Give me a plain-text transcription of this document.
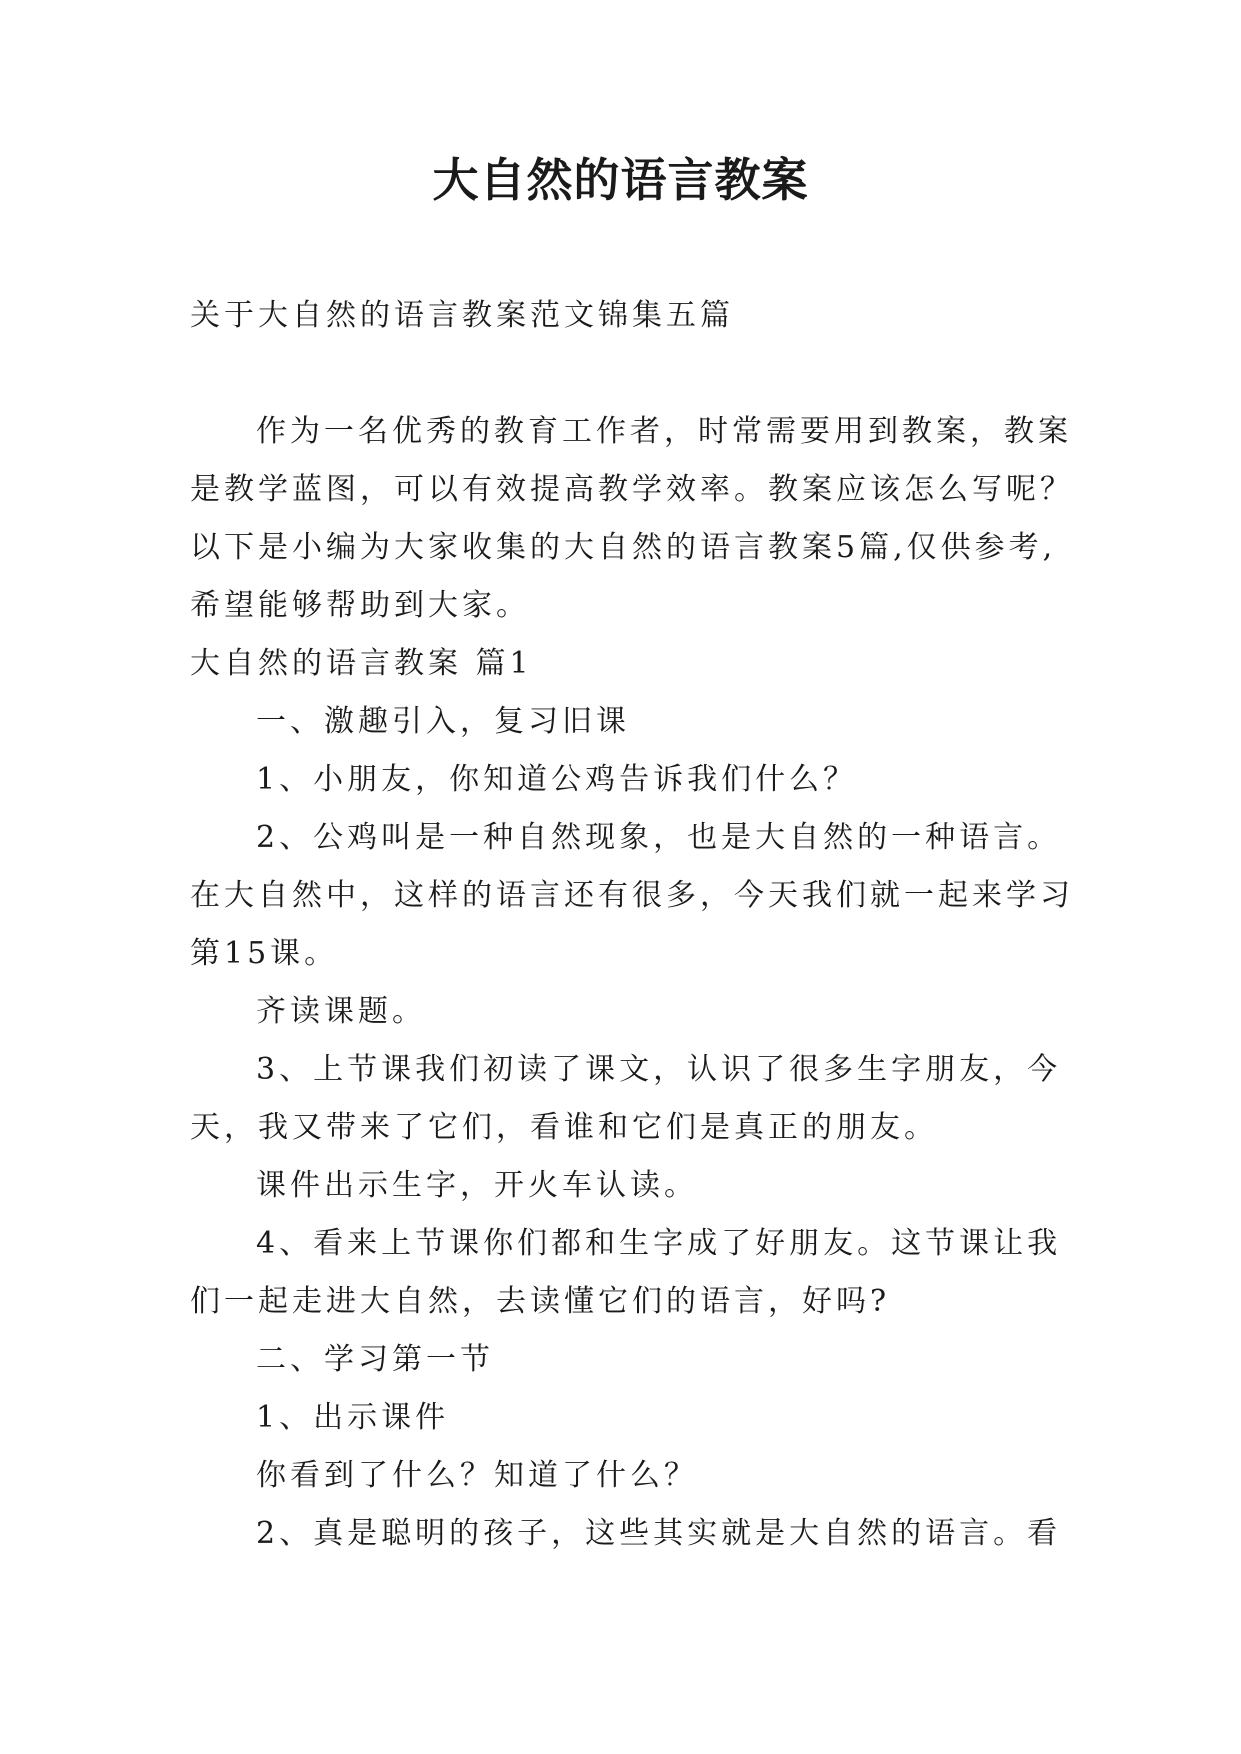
大自然的语言教案

关于大自然的语言教案范文锦集五篇

作为一名优秀的教育工作者，时常需要用到教案，教案

是教学蓝图，可以有效提高教学效率。教案应该怎么写呢？

以下是小编为大家收集的大自然的语言教案5篇,仅供参考,

希望能够帮助到大家。

大自然的语言教案 篇1

一、激趣引入，复习旧课

1、小朋友，你知道公鸡告诉我们什么？

2、公鸡叫是一种自然现象，也是大自然的一种语言。

在大自然中，这样的语言还有很多，今天我们就一起来学习

第15课。

齐读课题。

3、上节课我们初读了课文，认识了很多生字朋友，今

天，我又带来了它们，看谁和它们是真正的朋友。

课件出示生字，开火车认读。

4、看来上节课你们都和生字成了好朋友。这节课让我

们一起走进大自然，去读懂它们的语言，好吗?

二、学习第一节

1、出示课件

你看到了什么？知道了什么？

2、真是聪明的孩子，这些其实就是大自然的语言。看
